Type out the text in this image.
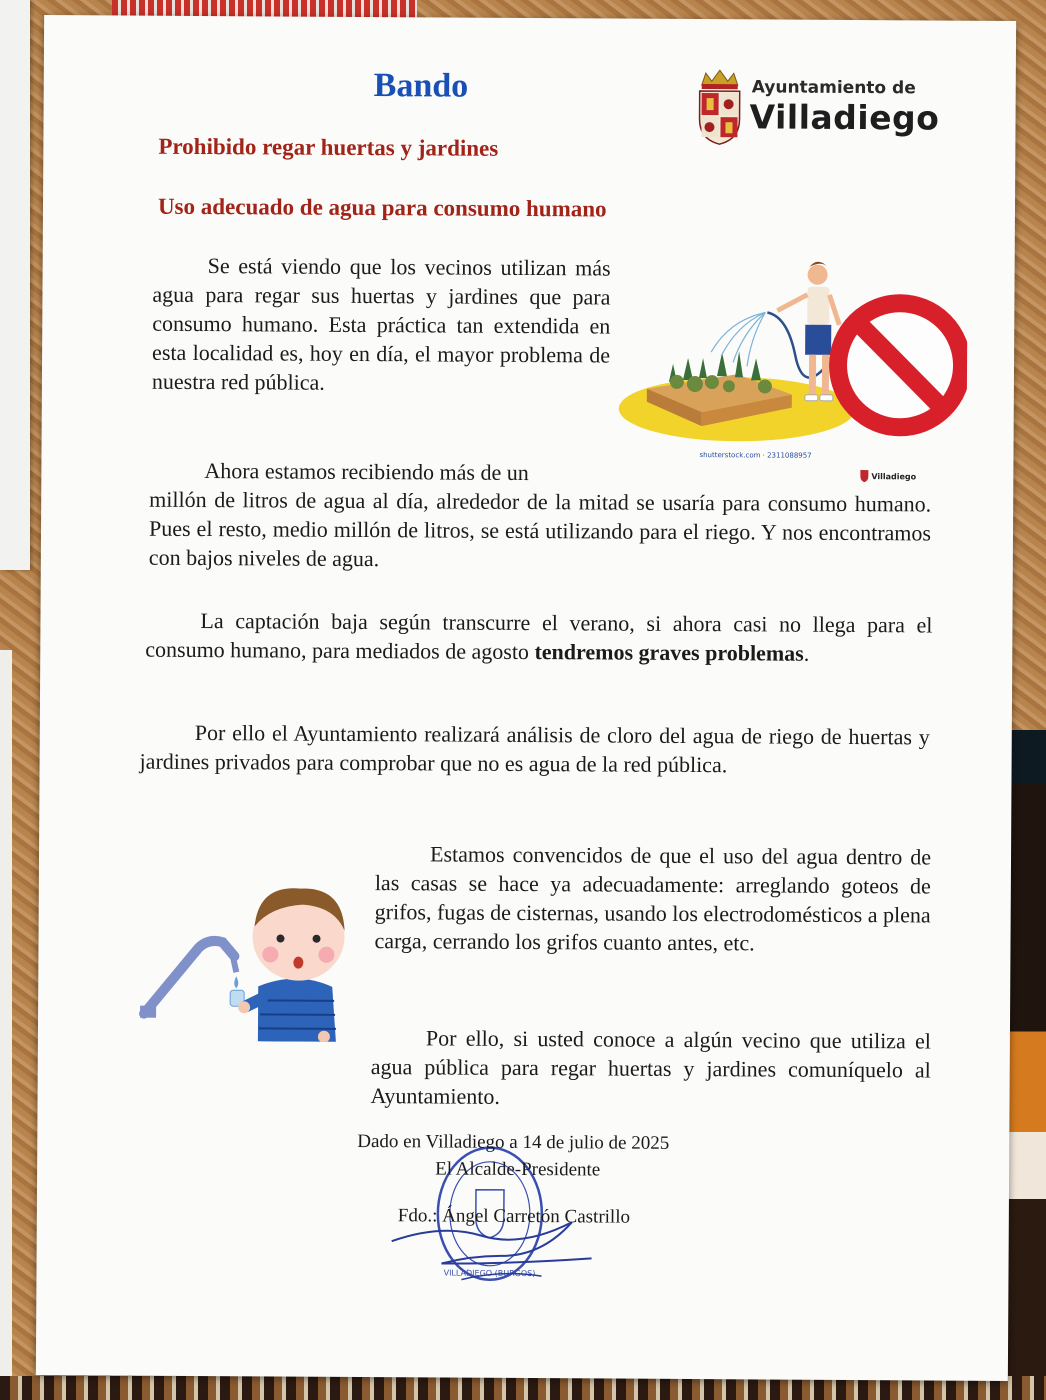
Bando	Ayuntamiento de
Villadiego
Prohibido regar huertas y jardines
Uso adecuado de agua para consumo humano
Se está viendo que los vecinos utilizan más agua para regar sus huertas y jardines que para consumo humano. Esta práctica tan extendida en esta localidad es, hoy en día, el mayor problema de nuestra red pública.
shutterstock.com · 2311088957
Villadiego
Ahora estamos recibiendo más de un
millón de litros de agua al día, alrededor de la mitad se usaría para consumo humano. Pues el resto, medio millón de litros, se está utilizando para el riego. Y nos encontramos con bajos niveles de agua.
La captación baja según transcurre el verano, si ahora casi no llega para el consumo humano, para mediados de agosto tendremos graves problemas.
Por ello el Ayuntamiento realizará análisis de cloro del agua de riego de huertas y jardines privados para comprobar que no es agua de la red pública.
Estamos convencidos de que el uso del agua dentro de las casas se hace ya adecuadamente: arreglando goteos de grifos, fugas de cisternas, usando los electrodomésticos a plena carga, cerrando los grifos cuanto antes, etc.
Por ello, si usted conoce a algún vecino que utiliza el agua pública para regar huertas y jardines comuníquelo al Ayuntamiento.
VILLADIEGO (BURGOS)
Dado en Villadiego a 14 de julio de 2025
El Alcalde-Presidente
Fdo.: Ángel Carretón Castrillo
